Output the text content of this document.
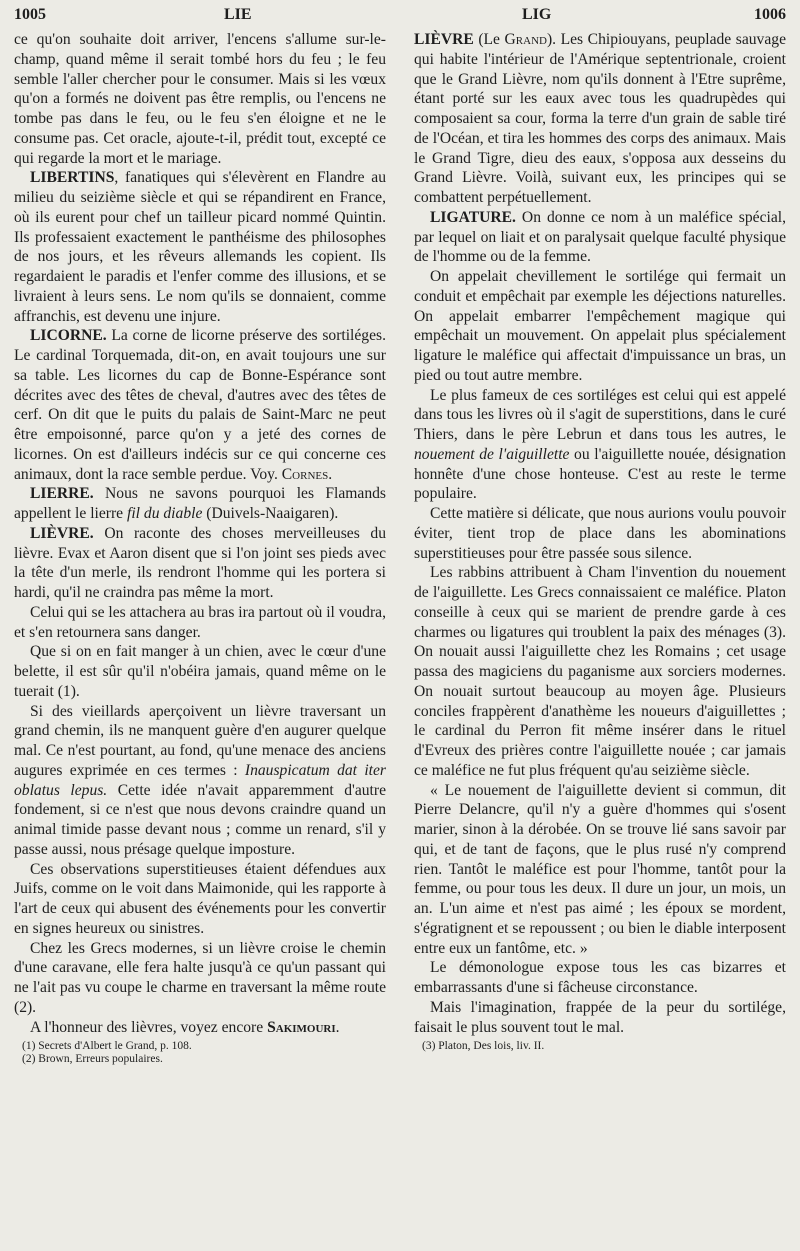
1005	LIE	LIG	1006

ce qu'on souhaite doit arriver, l'encens s'allume sur-le-champ, quand même il serait tombé hors du feu ; le feu semble l'aller chercher pour le consumer. Mais si les vœux qu'on a formés ne doivent pas être remplis, ou l'encens ne tombe pas dans le feu, ou le feu s'en éloigne et ne le consume pas. Cet oracle, ajoute-t-il, prédit tout, excepté ce qui regarde la mort et le mariage.

LIBERTINS, fanatiques qui s'élevèrent en Flandre au milieu du seizième siècle et qui se répandirent en France, où ils eurent pour chef un tailleur picard nommé Quintin. Ils professaient exactement le panthéisme des philosophes de nos jours, et les rêveurs allemands les copient. Ils regardaient le paradis et l'enfer comme des illusions, et se livraient à leurs sens. Le nom qu'ils se donnaient, comme affranchis, est devenu une injure.

LICORNE. La corne de licorne préserve des sortiléges. Le cardinal Torquemada, dit-on, en avait toujours une sur sa table. Les licornes du cap de Bonne-Espérance sont décrites avec des têtes de cheval, d'autres avec des têtes de cerf. On dit que le puits du palais de Saint-Marc ne peut être empoisonné, parce qu'on y a jeté des cornes de licornes. On est d'ailleurs indécis sur ce qui concerne ces animaux, dont la race semble perdue. Voy. Cornes.

LIERRE. Nous ne savons pourquoi les Flamands appellent le lierre fil du diable (Duivels-Naaigaren).

LIÈVRE. On raconte des choses merveilleuses du lièvre. Evax et Aaron disent que si l'on joint ses pieds avec la tête d'un merle, ils rendront l'homme qui les portera si hardi, qu'il ne craindra pas même la mort.

Celui qui se les attachera au bras ira partout où il voudra, et s'en retournera sans danger.

Que si on en fait manger à un chien, avec le cœur d'une belette, il est sûr qu'il n'obéira jamais, quand même on le tuerait (1).

Si des vieillards aperçoivent un lièvre traversant un grand chemin, ils ne manquent guère d'en augurer quelque mal. Ce n'est pourtant, au fond, qu'une menace des anciens augures exprimée en ces termes : Inauspicatum dat iter oblatus lepus. Cette idée n'avait apparemment d'autre fondement, si ce n'est que nous devons craindre quand un animal timide passe devant nous ; comme un renard, s'il y passe aussi, nous présage quelque imposture.

Ces observations superstitieuses étaient défendues aux Juifs, comme on le voit dans Maimonide, qui les rapporte à l'art de ceux qui abusent des événements pour les convertir en signes heureux ou sinistres.

Chez les Grecs modernes, si un lièvre croise le chemin d'une caravane, elle fera halte jusqu'à ce qu'un passant qui ne l'ait pas vu coupe le charme en traversant la même route (2).

A l'honneur des lièvres, voyez encore Sakimouri.

(1) Secrets d'Albert le Grand, p. 108.

(2) Brown, Erreurs populaires.

LIÈVRE (Le Grand). Les Chipiouyans, peuplade sauvage qui habite l'intérieur de l'Amérique septentrionale, croient que le Grand Lièvre, nom qu'ils donnent à l'Etre suprême, étant porté sur les eaux avec tous les quadrupèdes qui composaient sa cour, forma la terre d'un grain de sable tiré de l'Océan, et tira les hommes des corps des animaux. Mais le Grand Tigre, dieu des eaux, s'opposa aux desseins du Grand Lièvre. Voilà, suivant eux, les principes qui se combattent perpétuellement.

LIGATURE. On donne ce nom à un maléfice spécial, par lequel on liait et on paralysait quelque faculté physique de l'homme ou de la femme.

On appelait chevillement le sortilége qui fermait un conduit et empêchait par exemple les déjections naturelles. On appelait embarrer l'empêchement magique qui empêchait un mouvement. On appelait plus spécialement ligature le maléfice qui affectait d'impuissance un bras, un pied ou tout autre membre.

Le plus fameux de ces sortiléges est celui qui est appelé dans tous les livres où il s'agit de superstitions, dans le curé Thiers, dans le père Lebrun et dans tous les autres, le nouement de l'aiguillette ou l'aiguillette nouée, désignation honnête d'une chose honteuse. C'est au reste le terme populaire.

Cette matière si délicate, que nous aurions voulu pouvoir éviter, tient trop de place dans les abominations superstitieuses pour être passée sous silence.

Les rabbins attribuent à Cham l'invention du nouement de l'aiguillette. Les Grecs connaissaient ce maléfice. Platon conseille à ceux qui se marient de prendre garde à ces charmes ou ligatures qui troublent la paix des ménages (3). On nouait aussi l'aiguillette chez les Romains ; cet usage passa des magiciens du paganisme aux sorciers modernes. On nouait surtout beaucoup au moyen âge. Plusieurs conciles frappèrent d'anathème les noueurs d'aiguillettes ; le cardinal du Perron fit même insérer dans le rituel d'Evreux des prières contre l'aiguillette nouée ; car jamais ce maléfice ne fut plus fréquent qu'au seizième siècle.

« Le nouement de l'aiguillette devient si commun, dit Pierre Delancre, qu'il n'y a guère d'hommes qui s'osent marier, sinon à la dérobée. On se trouve lié sans savoir par qui, et de tant de façons, que le plus rusé n'y comprend rien. Tantôt le maléfice est pour l'homme, tantôt pour la femme, ou pour tous les deux. Il dure un jour, un mois, un an. L'un aime et n'est pas aimé ; les époux se mordent, s'égratignent et se repoussent ; ou bien le diable interposent entre eux un fantôme, etc. »

Le démonologue expose tous les cas bizarres et embarrassants d'une si fâcheuse circonstance.

Mais l'imagination, frappée de la peur du sortilége, faisait le plus souvent tout le mal.

(3) Platon, Des lois, liv. II.
